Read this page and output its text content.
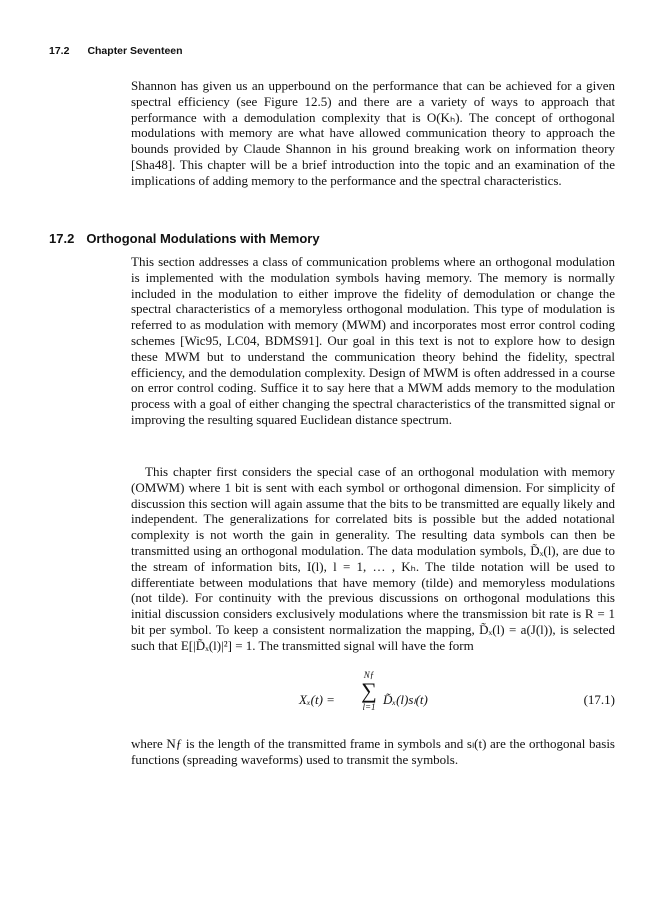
17.2 Chapter Seventeen

Shannon has given us an upperbound on the performance that can be achieved for a given spectral efficiency (see Figure 12.5) and there are a variety of ways to approach that performance with a demodulation complexity that is O(Kₕ). The concept of orthogonal modulations with memory are what have allowed communication theory to approach the bounds provided by Claude Shannon in his ground breaking work on information theory [Sha48]. This chapter will be a brief introduction into the topic and an examination of the implications of adding memory to the performance and the spectral characteristics.

17.2 Orthogonal Modulations with Memory

This section addresses a class of communication problems where an orthogonal modulation is implemented with the modulation symbols having memory. The memory is normally included in the modulation to either improve the fidelity of demodulation or change the spectral characteristics of a memoryless orthogonal modulation. This type of modulation is referred to as modulation with memory (MWM) and incorporates most error control coding schemes [Wic95, LC04, BDMS91]. Our goal in this text is not to explore how to design these MWM but to understand the communication theory behind the fidelity, spectral efficiency, and the demodulation complexity. Design of MWM is often addressed in a course on error control coding. Suffice it to say here that a MWM adds memory to the modulation process with a goal of either changing the spectral characteristics of the transmitted signal or improving the resulting squared Euclidean distance spectrum.

This chapter first considers the special case of an orthogonal modulation with memory (OMWM) where 1 bit is sent with each symbol or orthogonal dimension. For simplicity of discussion this section will again assume that the bits to be transmitted are equally likely and independent. The generalizations for correlated bits is possible but the added notational complexity is not worth the gain in generality. The resulting data symbols can then be transmitted using an orthogonal modulation. The data modulation symbols, D̃ₓ(l), are due to the stream of information bits, I(l), l = 1, … , Kₕ. The tilde notation will be used to differentiate between modulations that have memory (tilde) and memoryless modulations (not tilde). For continuity with the previous discussions on orthogonal modulations this initial discussion considers exclusively modulations where the transmission bit rate is R = 1 bit per symbol. To keep a consistent normalization the mapping, D̃ₓ(l) = a(J(l)), is selected such that E[|D̃ₓ(l)|²] = 1. The transmitted signal will have the form

Xₓ(t) =
Nƒ
∑
l=1 D̃ₓ(l)sₗ(t)	(17.1)

where Nƒ is the length of the transmitted frame in symbols and sₗ(t) are the orthogonal basis functions (spreading waveforms) used to transmit the symbols.
